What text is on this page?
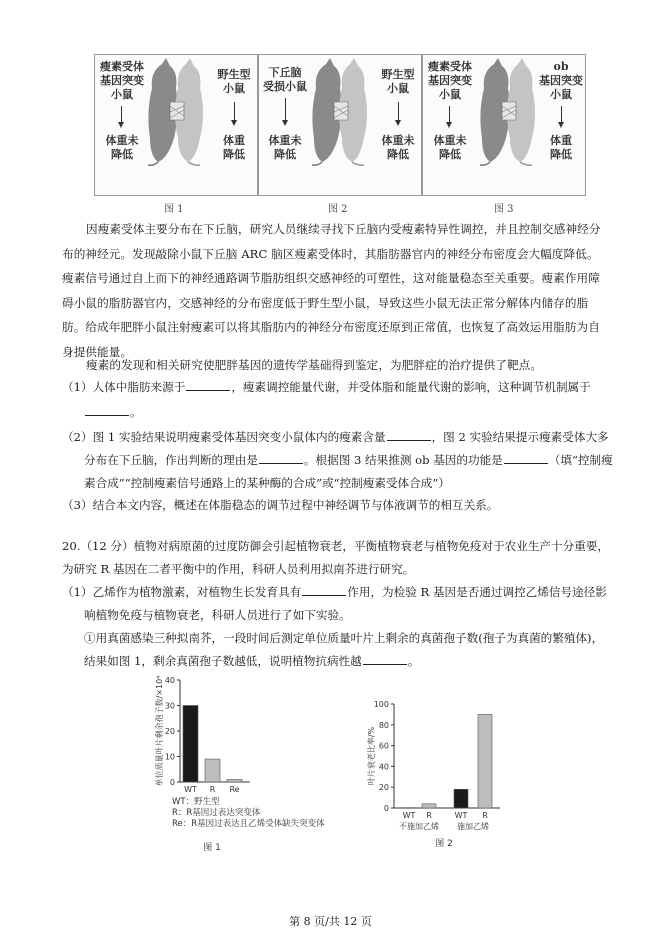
瘦素受体
基因突变
小鼠
体重未
降低
野生型
小鼠
体重
降低
图 1
下丘脑
受损小鼠
体重未
降低
野生型
小鼠
体重未
降低
图 2
瘦素受体
基因突变
小鼠
体重未
降低
ob
基因突变
小鼠
体重
降低
图 3
因瘦素受体主要分布在下丘脑，研究人员继续寻找下丘脑内受瘦素特异性调控，并且控制交感神经分布的神经元。发现敲除小鼠下丘脑 ARC 脑区瘦素受体时，其脂肪器官内的神经分布密度会大幅度降低。瘦素信号通过自上而下的神经通路调节脂肪组织交感神经的可塑性，这对能量稳态至关重要。瘦素作用障碍小鼠的脂肪器官内，交感神经的分布密度低于野生型小鼠，导致这些小鼠无法正常分解体内储存的脂肪。给成年肥胖小鼠注射瘦素可以将其脂肪内的神经分布密度还原到正常值，也恢复了高效运用脂肪为自身提供能量。
瘦素的发现和相关研究使肥胖基因的遗传学基础得到鉴定，为肥胖症的治疗提供了靶点。
（1）人体中脂肪来源于	，瘦素调控能量代谢，并受体脂和能量代谢的影响，这种调节机制属于
。
（2）图 1 实验结果说明瘦素受体基因突变小鼠体内的瘦素含量	，图 2 实验结果提示瘦素受体大多
分布在下丘脑，作出判断的理由是	。根据图 3 结果推测 ob 基因的功能是	（填“控制瘦
素合成”“控制瘦素信号通路上的某种酶的合成”或“控制瘦素受体合成”）
（3）结合本文内容，概述在体脂稳态的调节过程中神经调节与体液调节的相互关系。
20.（12 分）植物对病原菌的过度防御会引起植物衰老，平衡植物衰老与植物免疫对于农业生产十分重要，
为研究 R 基因在二者平衡中的作用，科研人员利用拟南芥进行研究。
（1）乙烯作为植物激素，对植物生长发育具有	作用，为检验 R 基因是否通过调控乙烯信号途径影
响植物免疫与植物衰老，科研人员进行了如下实验。
①用真菌感染三种拟南芥，一段时间后测定单位质量叶片上剩余的真菌孢子数(孢子为真菌的繁殖体)，
结果如图 1，剩余真菌孢子数越低，说明植物抗病性越	。
0
10
20
30
40
WT R Re
单位质量叶片剩余孢子数/×10⁴
WT：野生型
R：R基因过表达突变体
Re：R基因过表达且乙烯受体缺失突变体
图 1
0
20
40
60
80
100
WT R
不施加乙烯
WT R
施加乙烯
叶片衰老比率/%
图 2
第 8 页/共 12 页
